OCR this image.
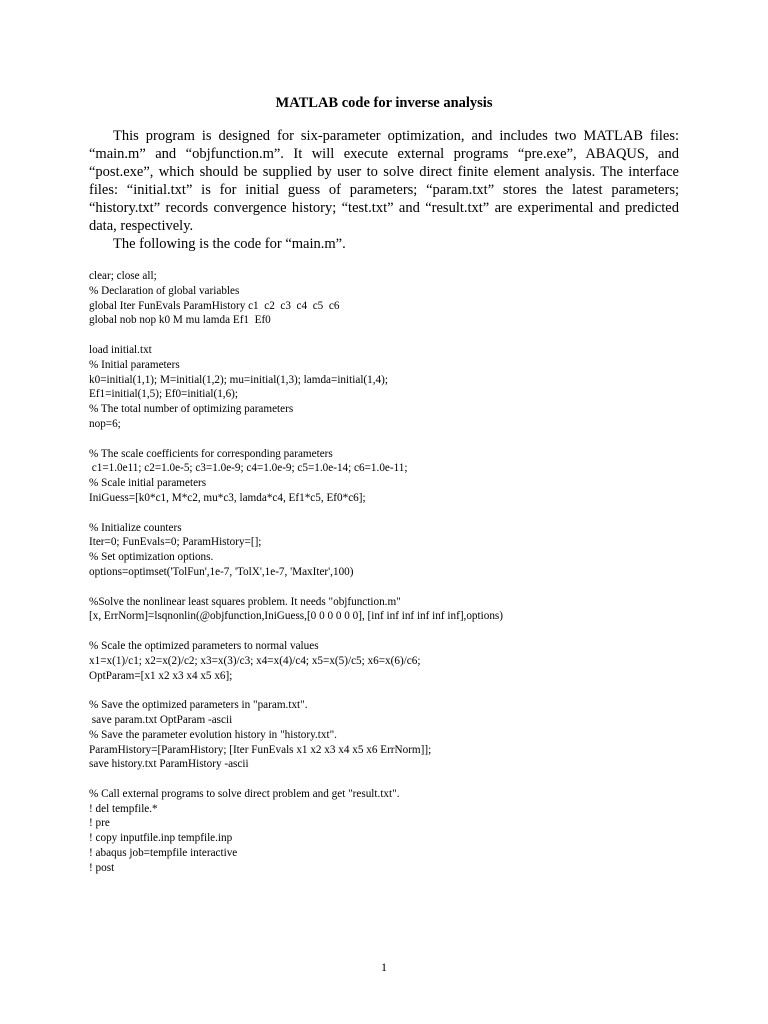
MATLAB code for inverse analysis

This program is designed for six-parameter optimization, and includes two MATLAB files: “main.m” and “objfunction.m”. It will execute external programs “pre.exe”, ABAQUS, and “post.exe”, which should be supplied by user to solve direct finite element analysis. The interface files: “initial.txt” is for initial guess of parameters; “param.txt” stores the latest parameters; “history.txt” records convergence history; “test.txt” and “result.txt” are experimental and predicted data, respectively.

The following is the code for “main.m”.

clear; close all;
% Declaration of global variables
global Iter FunEvals ParamHistory c1  c2  c3  c4  c5  c6
global nob nop k0 M mu lamda Ef1  Ef0
load initial.txt
% Initial parameters
k0=initial(1,1); M=initial(1,2); mu=initial(1,3); lamda=initial(1,4);
Ef1=initial(1,5); Ef0=initial(1,6);
% The total number of optimizing parameters
nop=6;
% The scale coefficients for corresponding parameters
c1=1.0e11; c2=1.0e-5; c3=1.0e-9; c4=1.0e-9; c5=1.0e-14; c6=1.0e-11;
% Scale initial parameters
IniGuess=[k0*c1, M*c2, mu*c3, lamda*c4, Ef1*c5, Ef0*c6];
% Initialize counters
Iter=0; FunEvals=0; ParamHistory=[];
% Set optimization options.
options=optimset('TolFun',1e-7, 'TolX',1e-7, 'MaxIter',100)
%Solve the nonlinear least squares problem. It needs "objfunction.m"
[x, ErrNorm]=lsqnonlin(@objfunction,IniGuess,[0 0 0 0 0 0], [inf inf inf inf inf inf],options)
% Scale the optimized parameters to normal values
x1=x(1)/c1; x2=x(2)/c2; x3=x(3)/c3; x4=x(4)/c4; x5=x(5)/c5; x6=x(6)/c6;
OptParam=[x1 x2 x3 x4 x5 x6];
% Save the optimized parameters in "param.txt".
save param.txt OptParam -ascii
% Save the parameter evolution history in "history.txt".
ParamHistory=[ParamHistory; [Iter FunEvals x1 x2 x3 x4 x5 x6 ErrNorm]];
save history.txt ParamHistory -ascii
% Call external programs to solve direct problem and get "result.txt".
! del tempfile.*
! pre
! copy inputfile.inp tempfile.inp
! abaqus job=tempfile interactive
! post
1
